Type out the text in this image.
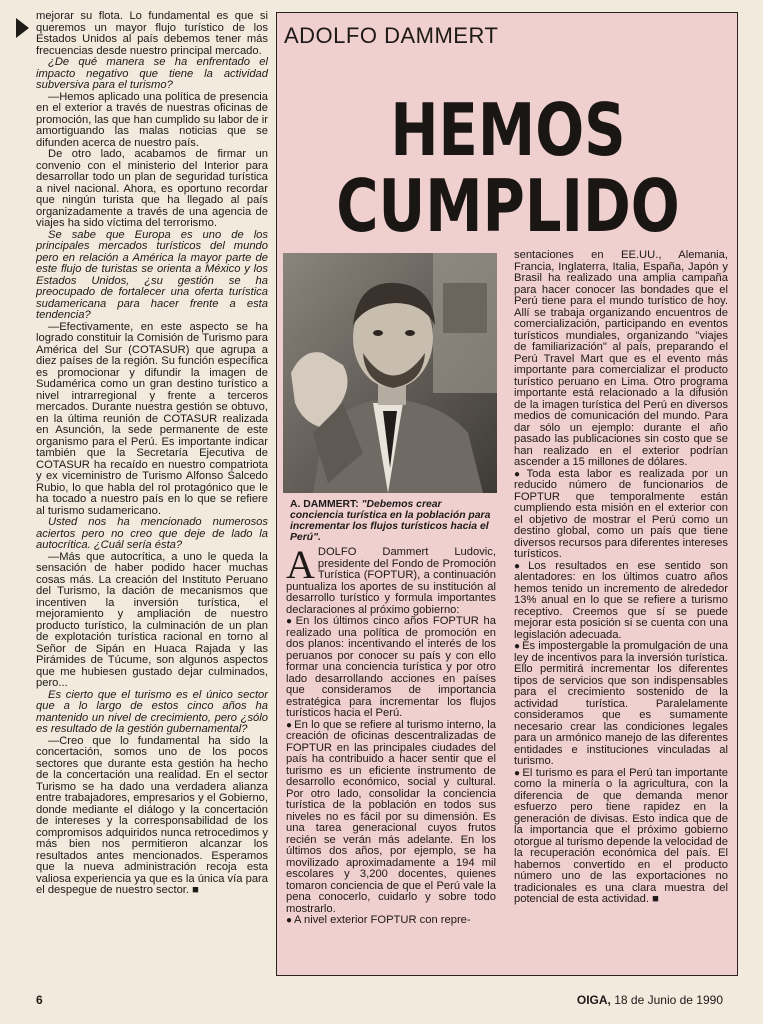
mejorar su flota. Lo fundamental es que si queremos un mayor flujo turístico de los Estados Unidos al país debemos tener más frecuencias desde nuestro principal mercado.

¿De qué manera se ha enfrentado el impacto negativo que tiene la actividad subversiva para el turismo?

—Hemos aplicado una política de presencia en el exterior a través de nuestras oficinas de promoción, las que han cumplido su labor de ir amortiguando las malas noticias que se difunden acerca de nuestro país.

De otro lado, acabamos de firmar un convenio con el ministerio del Interior para desarrollar todo un plan de seguridad turística a nivel nacional. Ahora, es oportuno recordar que ningún turista que ha llegado al país organizadamente a través de una agencia de viajes ha sido víctima del terrorismo.

Se sabe que Europa es uno de los principales mercados turísticos del mundo pero en relación a América la mayor parte de este flujo de turistas se orienta a México y los Estados Unidos, ¿su gestión se ha preocupado de fortalecer una oferta turística sudamericana para hacer frente a esta tendencia?

—Efectivamente, en este aspecto se ha logrado constituir la Comisión de Turismo para América del Sur (COTASUR) que agrupa a diez países de la región. Su función específica es promocionar y difundir la imagen de Sudamérica como un gran destino turístico a nivel intrarregional y frente a terceros mercados. Durante nuestra gestión se obtuvo, en la última reunión de COTASUR realizada en Asunción, la sede permanente de este organismo para el Perú. Es importante indicar también que la Secretaría Ejecutiva de COTASUR ha recaído en nuestro compatriota y ex viceministro de Turismo Alfonso Salcedo Rubio, lo que habla del rol protagónico que le ha tocado a nuestro país en lo que se refiere al turismo sudamericano.

Usted nos ha mencionado numerosos aciertos pero no creo que deje de lado la autocrítica. ¿Cuál sería ésta?

—Más que autocrítica, a uno le queda la sensación de haber podido hacer muchas cosas más. La creación del Instituto Peruano del Turismo, la dación de mecanismos que incentiven la inversión turística, el mejoramiento y ampliación de nuestro producto turístico, la culminación de un plan de explotación turística racional en torno al Señor de Sipán en Huaca Rajada y las Pirámides de Túcume, son algunos aspectos que me hubiesen gustado dejar culminados, pero...

Es cierto que el turismo es el único sector que a lo largo de estos cinco años ha mantenido un nivel de crecimiento, pero ¿sólo es resultado de la gestión gubernamental?

—Creo que lo fundamental ha sido la concertación, somos uno de los pocos sectores que durante esta gestión ha hecho de la concertación una realidad. En el sector Turismo se ha dado una verdadera alianza entre trabajadores, empresarios y el Gobierno, donde mediante el diálogo y la concertación de intereses y la corresponsabilidad de los compromisos adquiridos nunca retrocedimos y más bien nos permitieron alcanzar los resultados antes mencionados. Esperamos que la nueva administración recoja esta valiosa experiencia ya que es la única vía para el despegue de nuestro sector. ■

ADOLFO DAMMERT
HEMOS
CUMPLIDO
A. DAMMERT: "Debemos crear conciencia turística en la población para incrementar los flujos turísticos hacia el Perú".

ADOLFO Dammert Ludovic, presidente del Fondo de Promoción Turística (FOPTUR), a continuación puntualiza los aportes de su institución al desarrollo turístico y formula importantes declaraciones al próximo gobierno:

● En los últimos cinco años FOPTUR ha realizado una política de promoción en dos planos: incentivando el interés de los peruanos por conocer su país y con ello formar una conciencia turística y por otro lado desarrollando acciones en países que consideramos de importancia estratégica para incrementar los flujos turísticos hacia el Perú.

● En lo que se refiere al turismo interno, la creación de oficinas descentralizadas de FOPTUR en las principales ciudades del país ha contribuido a hacer sentir que el turismo es un eficiente instrumento de desarrollo económico, social y cultural. Por otro lado, consolidar la conciencia turística de la población en todos sus niveles no es fácil por su dimensión. Es una tarea generacional cuyos frutos recién se verán más adelante. En los últimos dos años, por ejemplo, se ha movilizado aproximadamente a 194 mil escolares y 3,200 docentes, quienes tomaron conciencia de que el Perú vale la pena conocerlo, cuidarlo y sobre todo mostrarlo.

● A nivel exterior FOPTUR con repre-

sentaciones en EE.UU., Alemania, Francia, Inglaterra, Italia, España, Japón y Brasil ha realizado una amplia campaña para hacer conocer las bondades que el Perú tiene para el mundo turístico de hoy. Allí se trabaja organizando encuentros de comercialización, participando en eventos turísticos mundiales, organizando "viajes de familiarización" al país, preparando el Perú Travel Mart que es el evento más importante para comercializar el producto turístico peruano en Lima. Otro programa importante está relacionado a la difusión de la imagen turística del Perú en diversos medios de comunicación del mundo. Para dar sólo un ejemplo: durante el año pasado las publicaciones sin costo que se han realizado en el exterior podrían ascender a 15 millones de dólares.

● Toda esta labor es realizada por un reducido número de funcionarios de FOPTUR que temporalmente están cumpliendo esta misión en el exterior con el objetivo de mostrar el Perú como un destino global, como un país que tiene diversos recursos para diferentes intereses turísticos.

● Los resultados en ese sentido son alentadores: en los últimos cuatro años hemos tenido un incremento de alrededor 13% anual en lo que se refiere a turismo receptivo. Creemos que sí se puede mejorar esta posición si se cuenta con una legislación adecuada.

● Es impostergable la promulgación de una ley de incentivos para la inversión turística. Ello permitirá incrementar los diferentes tipos de servicios que son indispensables para el crecimiento sostenido de la actividad turística. Paralelamente consideramos que es sumamente necesario crear las condiciones legales para un armónico manejo de las diferentes entidades e instituciones vinculadas al turismo.

● El turismo es para el Perú tan importante como la minería o la agricultura, con la diferencia de que demanda menor esfuerzo pero tiene rapidez en la generación de divisas. Esto indica que de la importancia que el próximo gobierno otorgue al turismo depende la velocidad de la recuperación económica del país. El habernos convertido en el producto número uno de las exportaciones no tradicionales es una clara muestra del potencial de esta actividad. ■

6	OIGA, 18 de Junio de 1990
